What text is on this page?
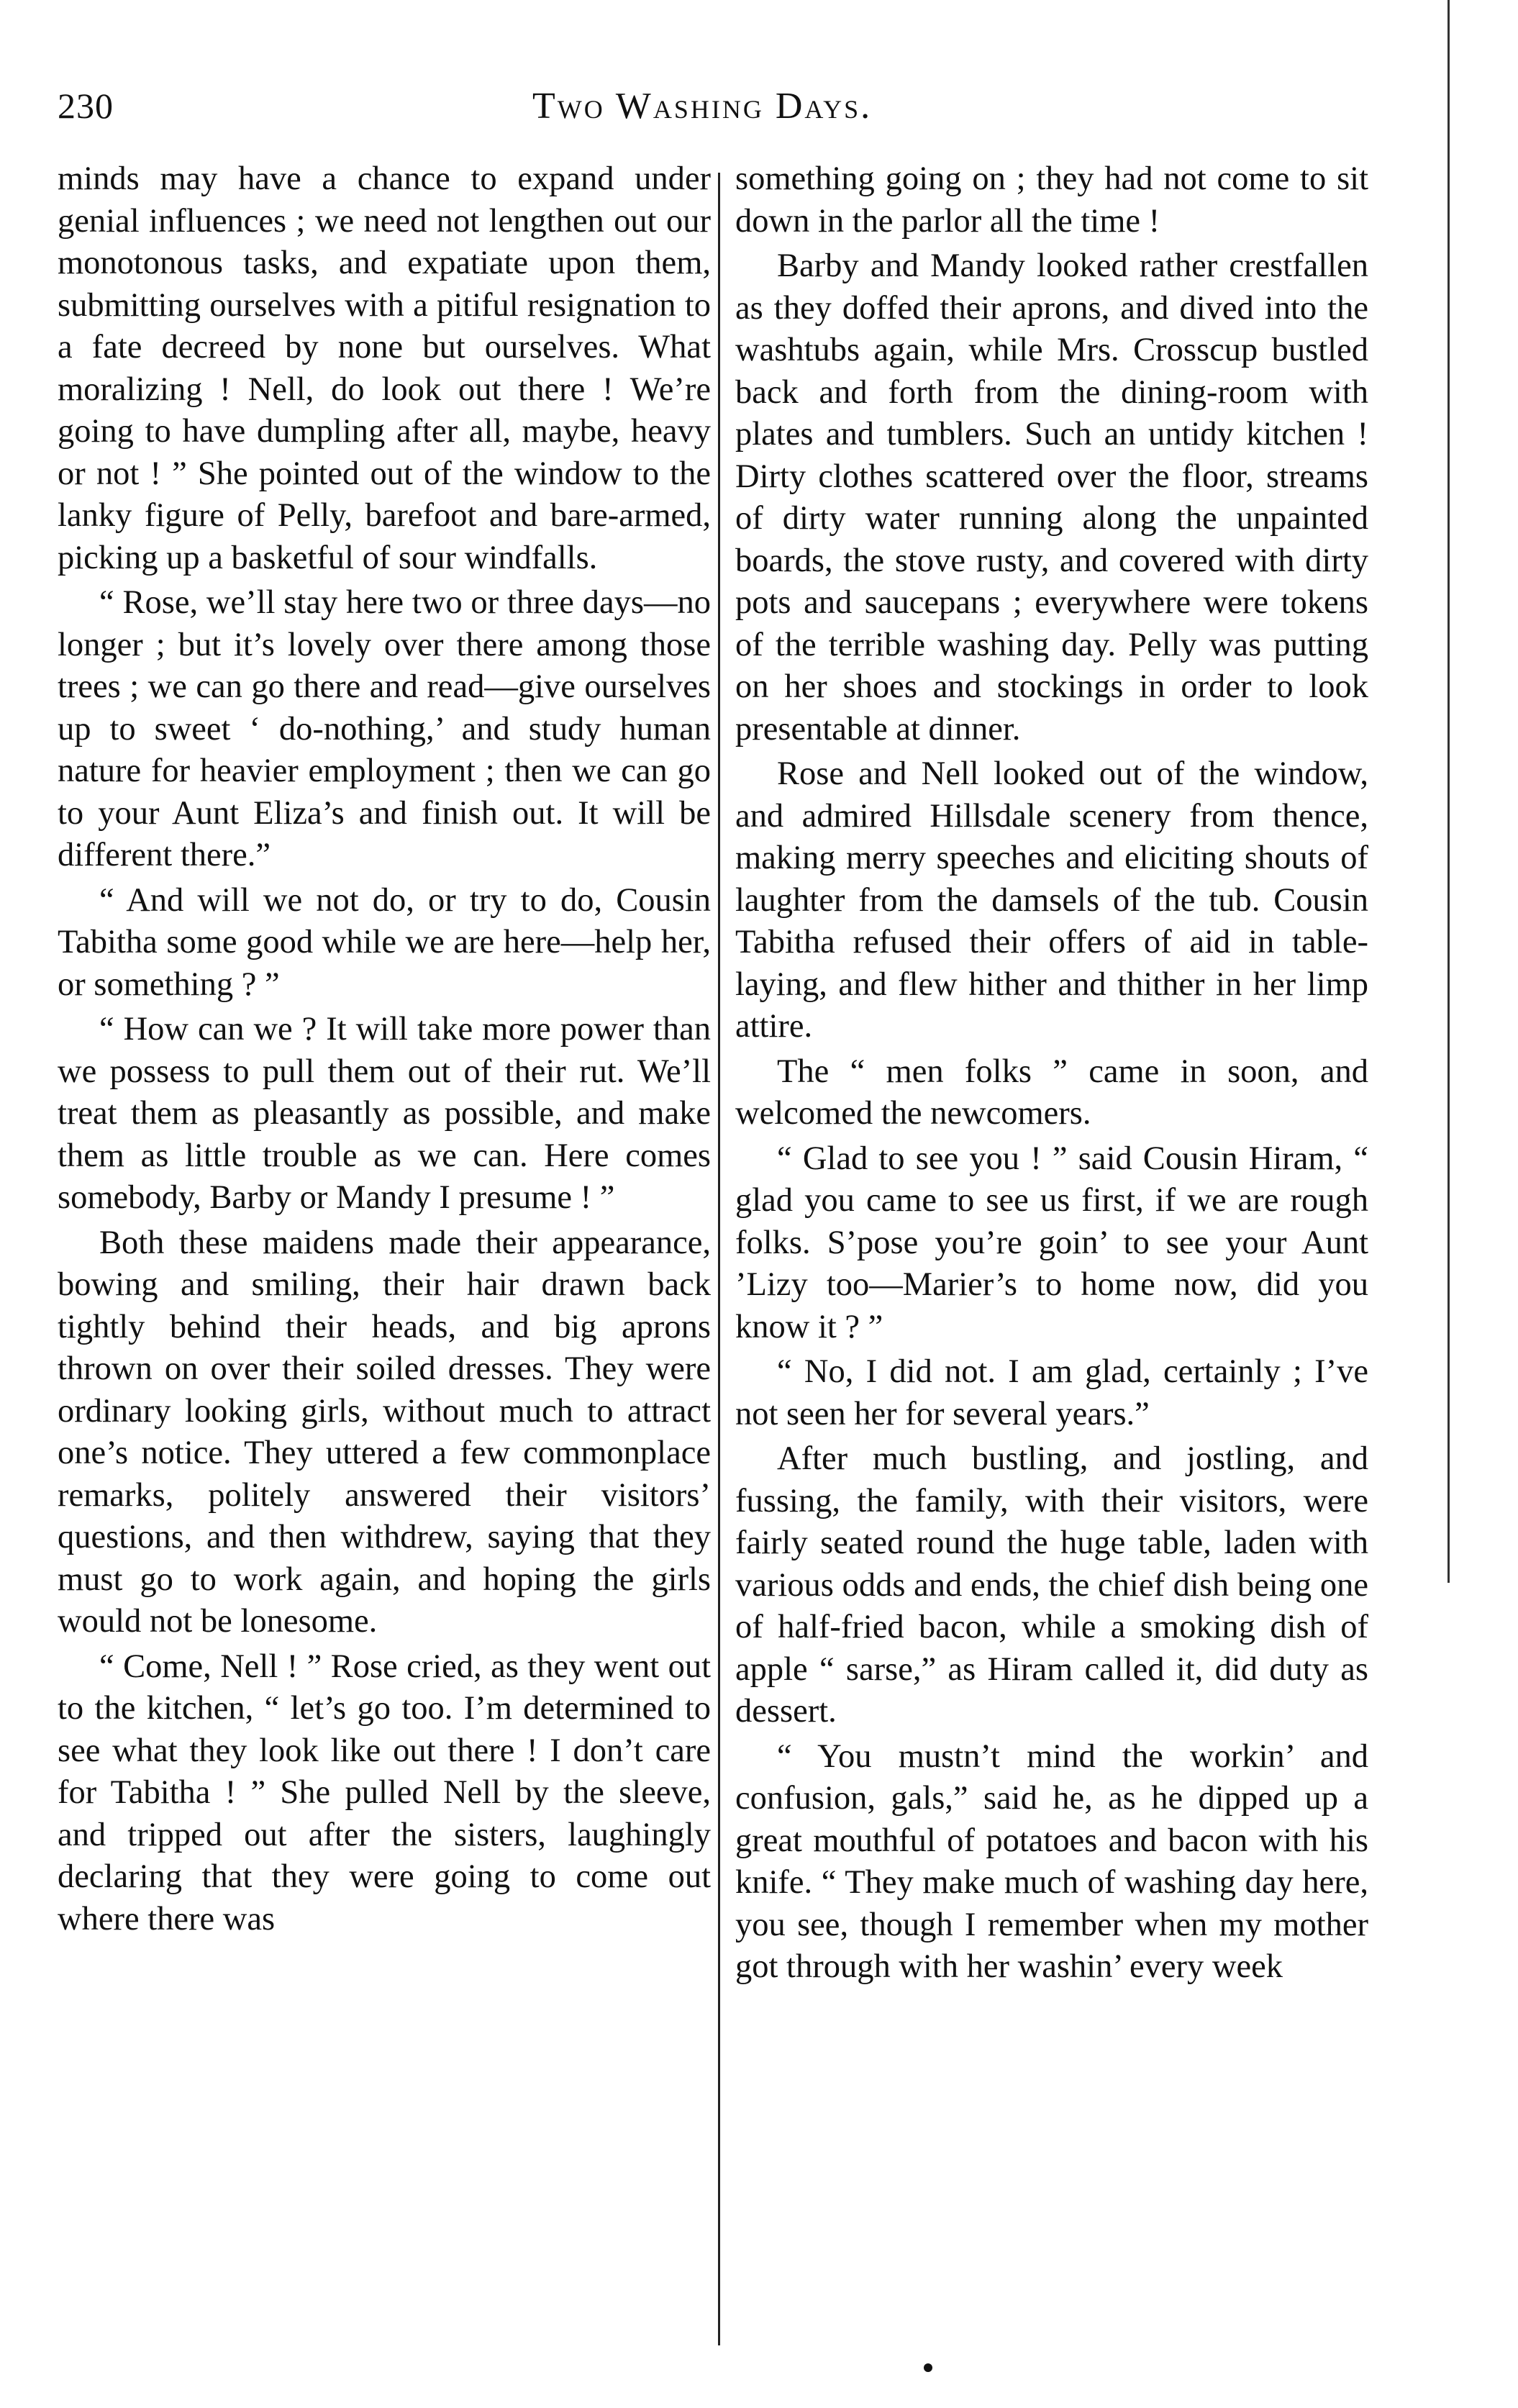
230	Two Washing Days.

minds may have a chance to expand under genial influences ; we need not lengthen out our monotonous tasks, and expatiate upon them, submitting ourselves with a pitiful resignation to a fate decreed by none but ourselves. What moralizing ! Nell, do look out there ! We’re going to have dumpling after all, maybe, heavy or not ! ” She pointed out of the window to the lanky figure of Pelly, barefoot and bare-armed, picking up a basketful of sour windfalls.

“ Rose, we’ll stay here two or three days—no longer ; but it’s lovely over there among those trees ; we can go there and read—give ourselves up to sweet ‘ do-nothing,’ and study human nature for heavier employment ; then we can go to your Aunt Eliza’s and finish out. It will be different there.”

“ And will we not do, or try to do, Cousin Tabitha some good while we are here—help her, or something ? ”

“ How can we ? It will take more power than we possess to pull them out of their rut. We’ll treat them as pleasantly as possible, and make them as little trouble as we can. Here comes somebody, Barby or Mandy I presume ! ”

Both these maidens made their appearance, bowing and smiling, their hair drawn back tightly behind their heads, and big aprons thrown on over their soiled dresses. They were ordinary looking girls, without much to attract one’s notice. They uttered a few commonplace remarks, politely answered their visitors’ questions, and then withdrew, saying that they must go to work again, and hoping the girls would not be lonesome.

“ Come, Nell ! ” Rose cried, as they went out to the kitchen, “ let’s go too. I’m determined to see what they look like out there ! I don’t care for Tabitha ! ” She pulled Nell by the sleeve, and tripped out after the sisters, laughingly declaring that they were going to come out where there was

something going on ; they had not come to sit down in the parlor all the time !

Barby and Mandy looked rather crestfallen as they doffed their aprons, and dived into the washtubs again, while Mrs. Crosscup bustled back and forth from the dining-room with plates and tumblers. Such an untidy kitchen ! Dirty clothes scattered over the floor, streams of dirty water running along the unpainted boards, the stove rusty, and covered with dirty pots and saucepans ; everywhere were tokens of the terrible washing day. Pelly was putting on her shoes and stockings in order to look presentable at dinner.

Rose and Nell looked out of the window, and admired Hillsdale scenery from thence, making merry speeches and eliciting shouts of laughter from the damsels of the tub. Cousin Tabitha refused their offers of aid in table-laying, and flew hither and thither in her limp attire.

The “ men folks ” came in soon, and welcomed the newcomers.

“ Glad to see you ! ” said Cousin Hiram, “ glad you came to see us first, if we are rough folks. S’pose you’re goin’ to see your Aunt ’Lizy too—Marier’s to home now, did you know it ? ”

“ No, I did not. I am glad, certainly ; I’ve not seen her for several years.”

After much bustling, and jostling, and fussing, the family, with their visitors, were fairly seated round the huge table, laden with various odds and ends, the chief dish being one of half-fried bacon, while a smoking dish of apple “ sarse,” as Hiram called it, did duty as dessert.

“ You mustn’t mind the workin’ and confusion, gals,” said he, as he dipped up a great mouthful of potatoes and bacon with his knife. “ They make much of washing day here, you see, though I remember when my mother got through with her washin’ every week
